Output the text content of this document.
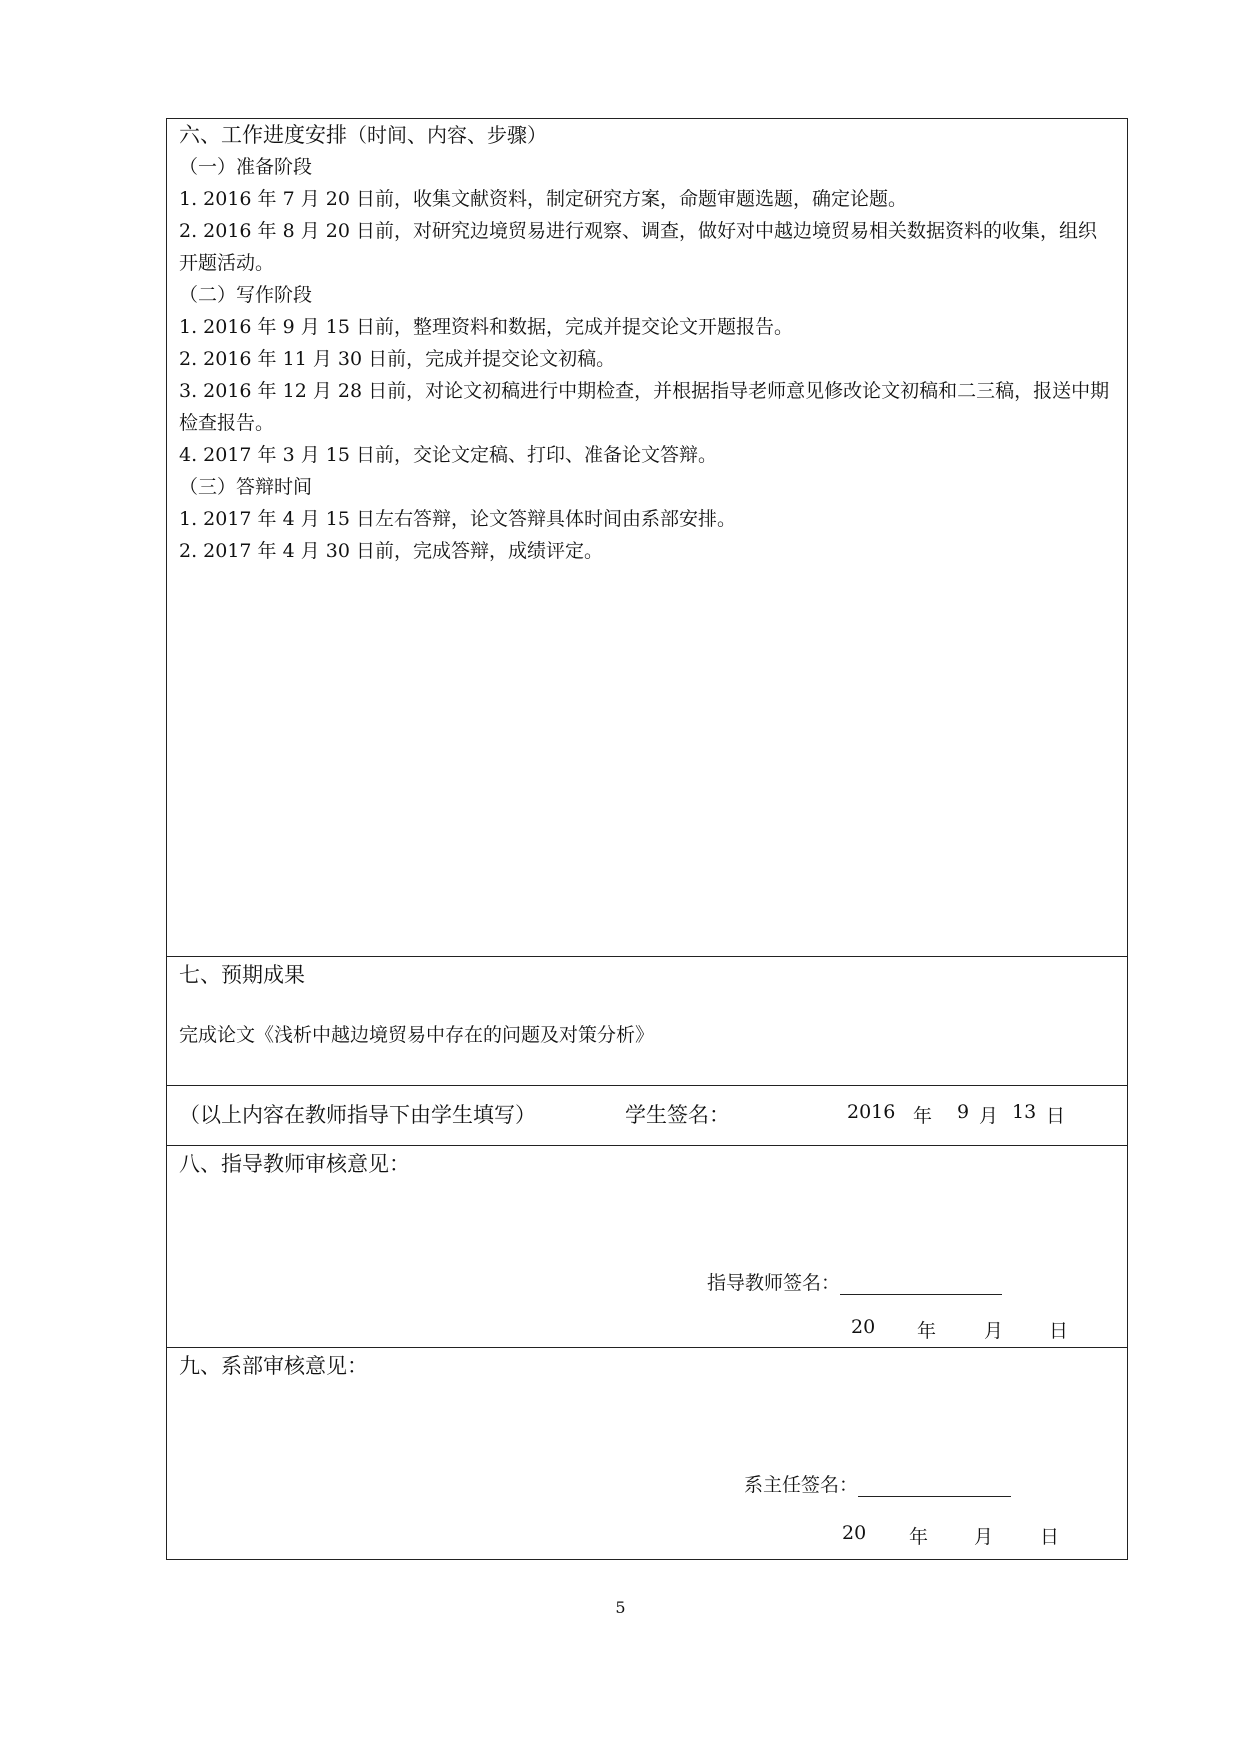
六、工作进度安排（时间、内容、步骤）
（一）准备阶段
1. 2016 年 7 月 20 日前，收集文献资料，制定研究方案，命题审题选题，确定论题。
2. 2016 年 8 月 20 日前，对研究边境贸易进行观察、调查，做好对中越边境贸易相关数据资料的收集，组织开题活动。
（二）写作阶段
1. 2016 年 9 月 15 日前，整理资料和数据，完成并提交论文开题报告。
2. 2016 年 11 月 30 日前，完成并提交论文初稿。
3. 2016 年 12 月 28 日前，对论文初稿进行中期检查，并根据指导老师意见修改论文初稿和二三稿，报送中期检查报告。
4. 2017 年 3 月 15 日前，交论文定稿、打印、准备论文答辩。
（三）答辩时间
1. 2017 年 4 月 15 日左右答辩，论文答辩具体时间由系部安排。
2. 2017 年 4 月 30 日前，完成答辩，成绩评定。
七、预期成果
完成论文《浅析中越边境贸易中存在的问题及对策分析》
（以上内容在教师指导下由学生填写）	学生签名：	2016 年 9 月 13 日
八、指导教师审核意见：
指导教师签名：
20 年	月 日
九、系部审核意见：
系主任签名：
20 年 月 日
5
